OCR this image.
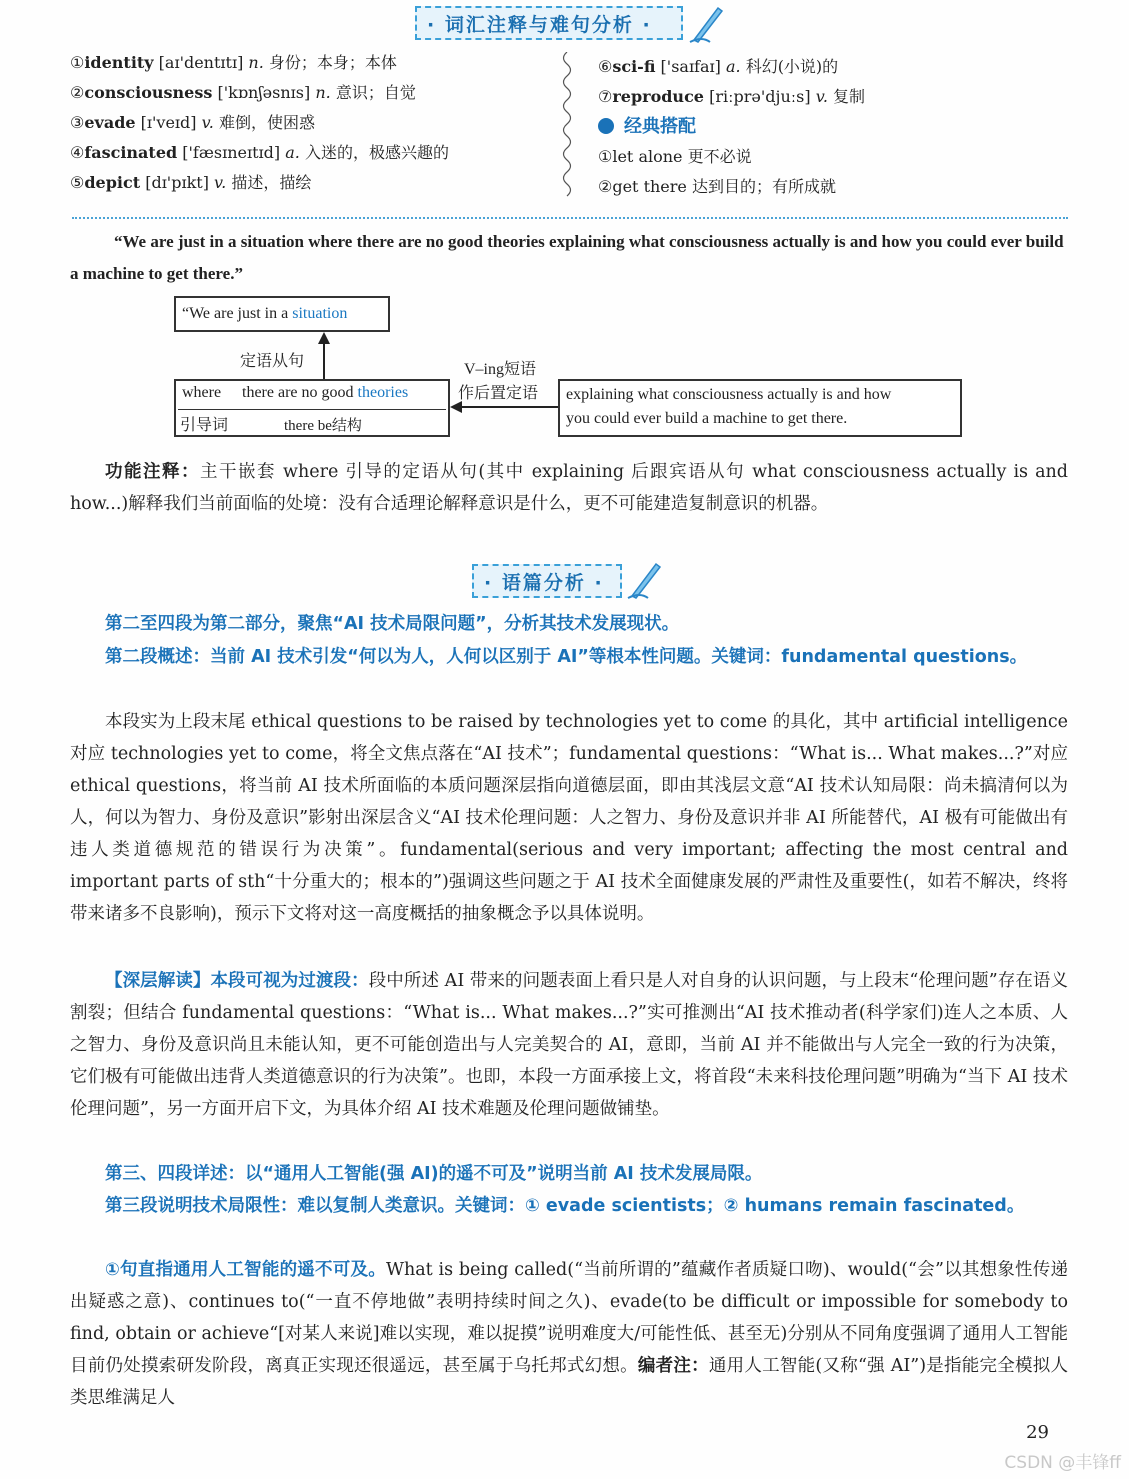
· 词汇注释与难句分析 ·
①identity [aɪ'dentɪtɪ] n. 身份；本身；本体
②consciousness ['kɒnʃəsnɪs] n. 意识；自觉
③evade [ɪ'veɪd] v. 难倒，使困惑
④fascinated ['fæsɪneɪtɪd] a. 入迷的，极感兴趣的
⑤depict [dɪ'pɪkt] v. 描述，描绘
⑥sci-fi ['saɪfaɪ] a. 科幻(小说)的
⑦reproduce [riːprə'djuːs] v. 复制
经典搭配
①let alone 更不必说
②get there 达到目的；有所成就
“We are just in a situation where there are no good theories explaining what consciousness actually is and how you could ever build a machine to get there.”
“We are just in a situation
定语从句
where there are no good theories
引导词	there be结构
V–ing短语
作后置定语 explaining what consciousness actually is and how
you could ever build a machine to get there.
功能注释：主干嵌套 where 引导的定语从句(其中 explaining 后跟宾语从句 what consciousness actually is and how...)解释我们当前面临的处境：没有合适理论解释意识是什么，更不可能建造复制意识的机器。
· 语篇分析 ·
第二至四段为第二部分，聚焦“AI 技术局限问题”，分析其技术发展现状。
第二段概述：当前 AI 技术引发“何以为人，人何以区别于 AI”等根本性问题。关键词：fundamental questions。
本段实为上段末尾 ethical questions to be raised by technologies yet to come 的具化，其中 artificial intelligence 对应 technologies yet to come，将全文焦点落在“AI 技术”；fundamental questions：“What is... What makes...?”对应 ethical questions，将当前 AI 技术所面临的本质问题深层指向道德层面，即由其浅层文意“AI 技术认知局限：尚未搞清何以为人，何以为智力、身份及意识”影射出深层含义“AI 技术伦理问题：人之智力、身份及意识并非 AI 所能替代，AI 极有可能做出有违人类道德规范的错误行为决策”。fundamental(serious and very important; affecting the most central and important parts of sth“十分重大的；根本的”)强调这些问题之于 AI 技术全面健康发展的严肃性及重要性(，如若不解决，终将带来诸多不良影响)，预示下文将对这一高度概括的抽象概念予以具体说明。
【深层解读】本段可视为过渡段：段中所述 AI 带来的问题表面上看只是人对自身的认识问题，与上段末“伦理问题”存在语义割裂；但结合 fundamental questions：“What is... What makes...?”实可推测出“AI 技术推动者(科学家们)连人之本质、人之智力、身份及意识尚且未能认知，更不可能创造出与人完美契合的 AI，意即，当前 AI 并不能做出与人完全一致的行为决策，它们极有可能做出违背人类道德意识的行为决策”。也即，本段一方面承接上文，将首段“未来科技伦理问题”明确为“当下 AI 技术伦理问题”，另一方面开启下文，为具体介绍 AI 技术难题及伦理问题做铺垫。
第三、四段详述：以“通用人工智能(强 AI)的遥不可及”说明当前 AI 技术发展局限。
第三段说明技术局限性：难以复制人类意识。关键词：① evade scientists；② humans remain fascinated。
①句直指通用人工智能的遥不可及。What is being called(“当前所谓的”蕴藏作者质疑口吻)、would(“会”以其想象性传递出疑惑之意)、continues to(“一直不停地做”表明持续时间之久)、evade(to be difficult or impossible for somebody to find, obtain or achieve“[对某人来说]难以实现，难以捉摸”说明难度大/可能性低、甚至无)分别从不同角度强调了通用人工智能目前仍处摸索研发阶段，离真正实现还很遥远，甚至属于乌托邦式幻想。编者注：通用人工智能(又称“强 AI”)是指能完全模拟人类思维满足人
29
CSDN @丰锋ff
